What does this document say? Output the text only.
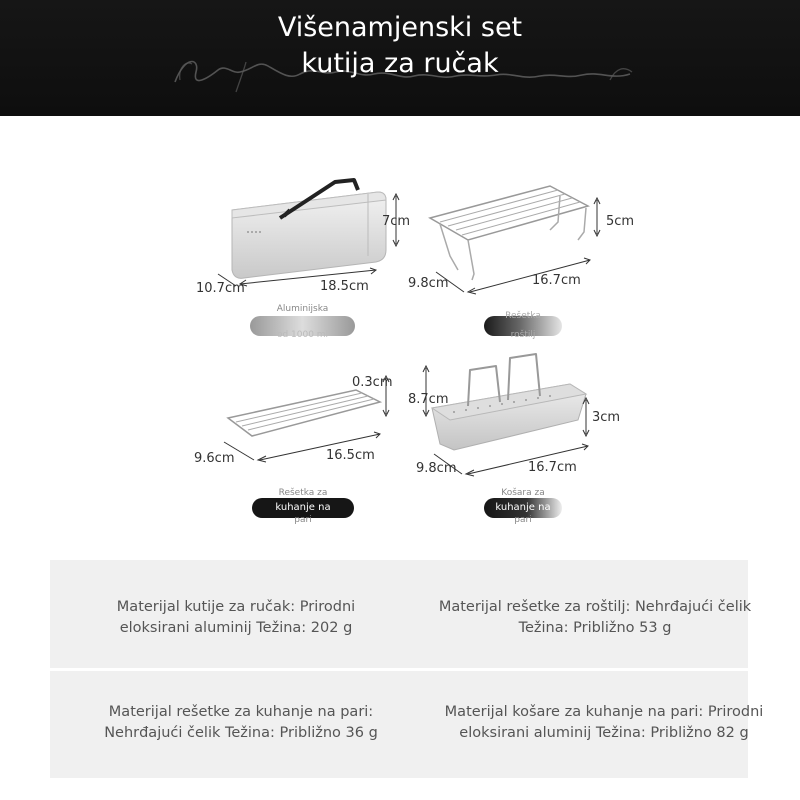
Višenamjenski set
kutija za ručak
7cm
10.7cm	18.5cm
Aluminijska
od 1000 ml
5cm
9.8cm	16.7cm
Rešetka
roštilj
0.3cm
9.6cm	16.5cm
Rešetka za
kuhanje na
pari
8.7cm
3cm
9.8cm	16.7cm
Košara za
kuhanje na
pari
Materijal kutije za ručak: Prirodni eloksirani aluminij Težina: 202 g
Materijal rešetke za roštilj: Nehrđajući čelik Težina: Približno 53 g
Materijal rešetke za kuhanje na pari: Nehrđajući čelik Težina: Približno 36 g
Materijal košare za kuhanje na pari: Prirodni eloksirani aluminij Težina: Približno 82 g
